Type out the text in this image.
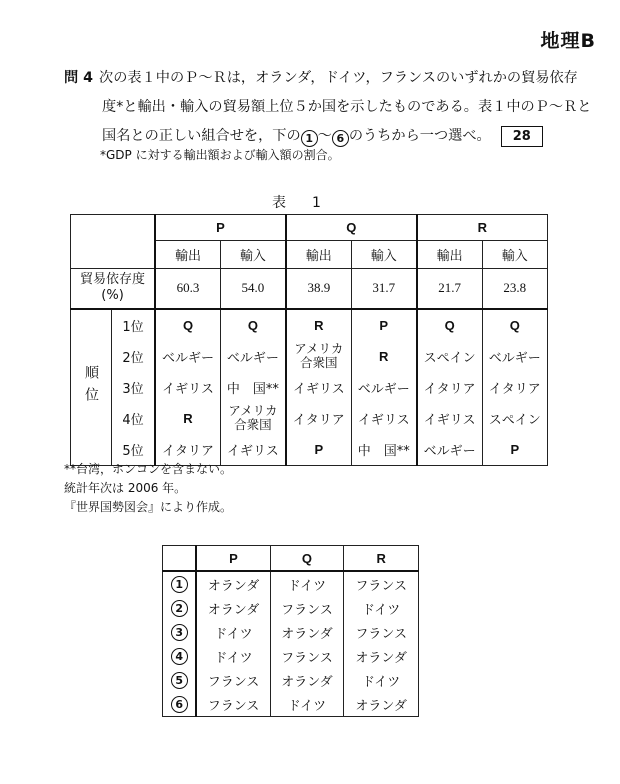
地理B
問 4 次の表１中のＰ～Ｒは，オランダ，ドイツ，フランスのいずれかの貿易依存
度*と輸出・輸入の貿易額上位５か国を示したものである。表１中のＰ～Ｒと
国名との正しい組合せを，下の 1 ～ 6 のうちから一つ選べ。 28
*GDP に対する輸出額および輸入額の割合。
表　1
		P		Q		R	
		輸出	輸入	輸出	輸入	輸出	輸入

貿易依存度
(%)		60.3	54.0	38.9	31.7	21.7	23.8
順位	1位	Q	Q	R	P	Q	Q
	2位	ベルギー	ベルギー	アメリカ合衆国	R	スペイン	ベルギー
	3位	イギリス	中　国**	イギリス	ベルギー	イタリア	イタリア
	4位	R	アメリカ合衆国	イタリア	イギリス	イギリス	スペイン
	5位	イタリア	イギリス	P	中　国**	ベルギー	P
**台湾，ホンコンを含まない。
統計年次は 2006 年。
『世界国勢図会』により作成。
	P	Q	R
1	オランダ	ドイツ	フランス
2	オランダ	フランス	ドイツ
3	ドイツ	オランダ	フランス
4	ドイツ	フランス	オランダ
5	フランス	オランダ	ドイツ
6	フランス	ドイツ	オランダ
